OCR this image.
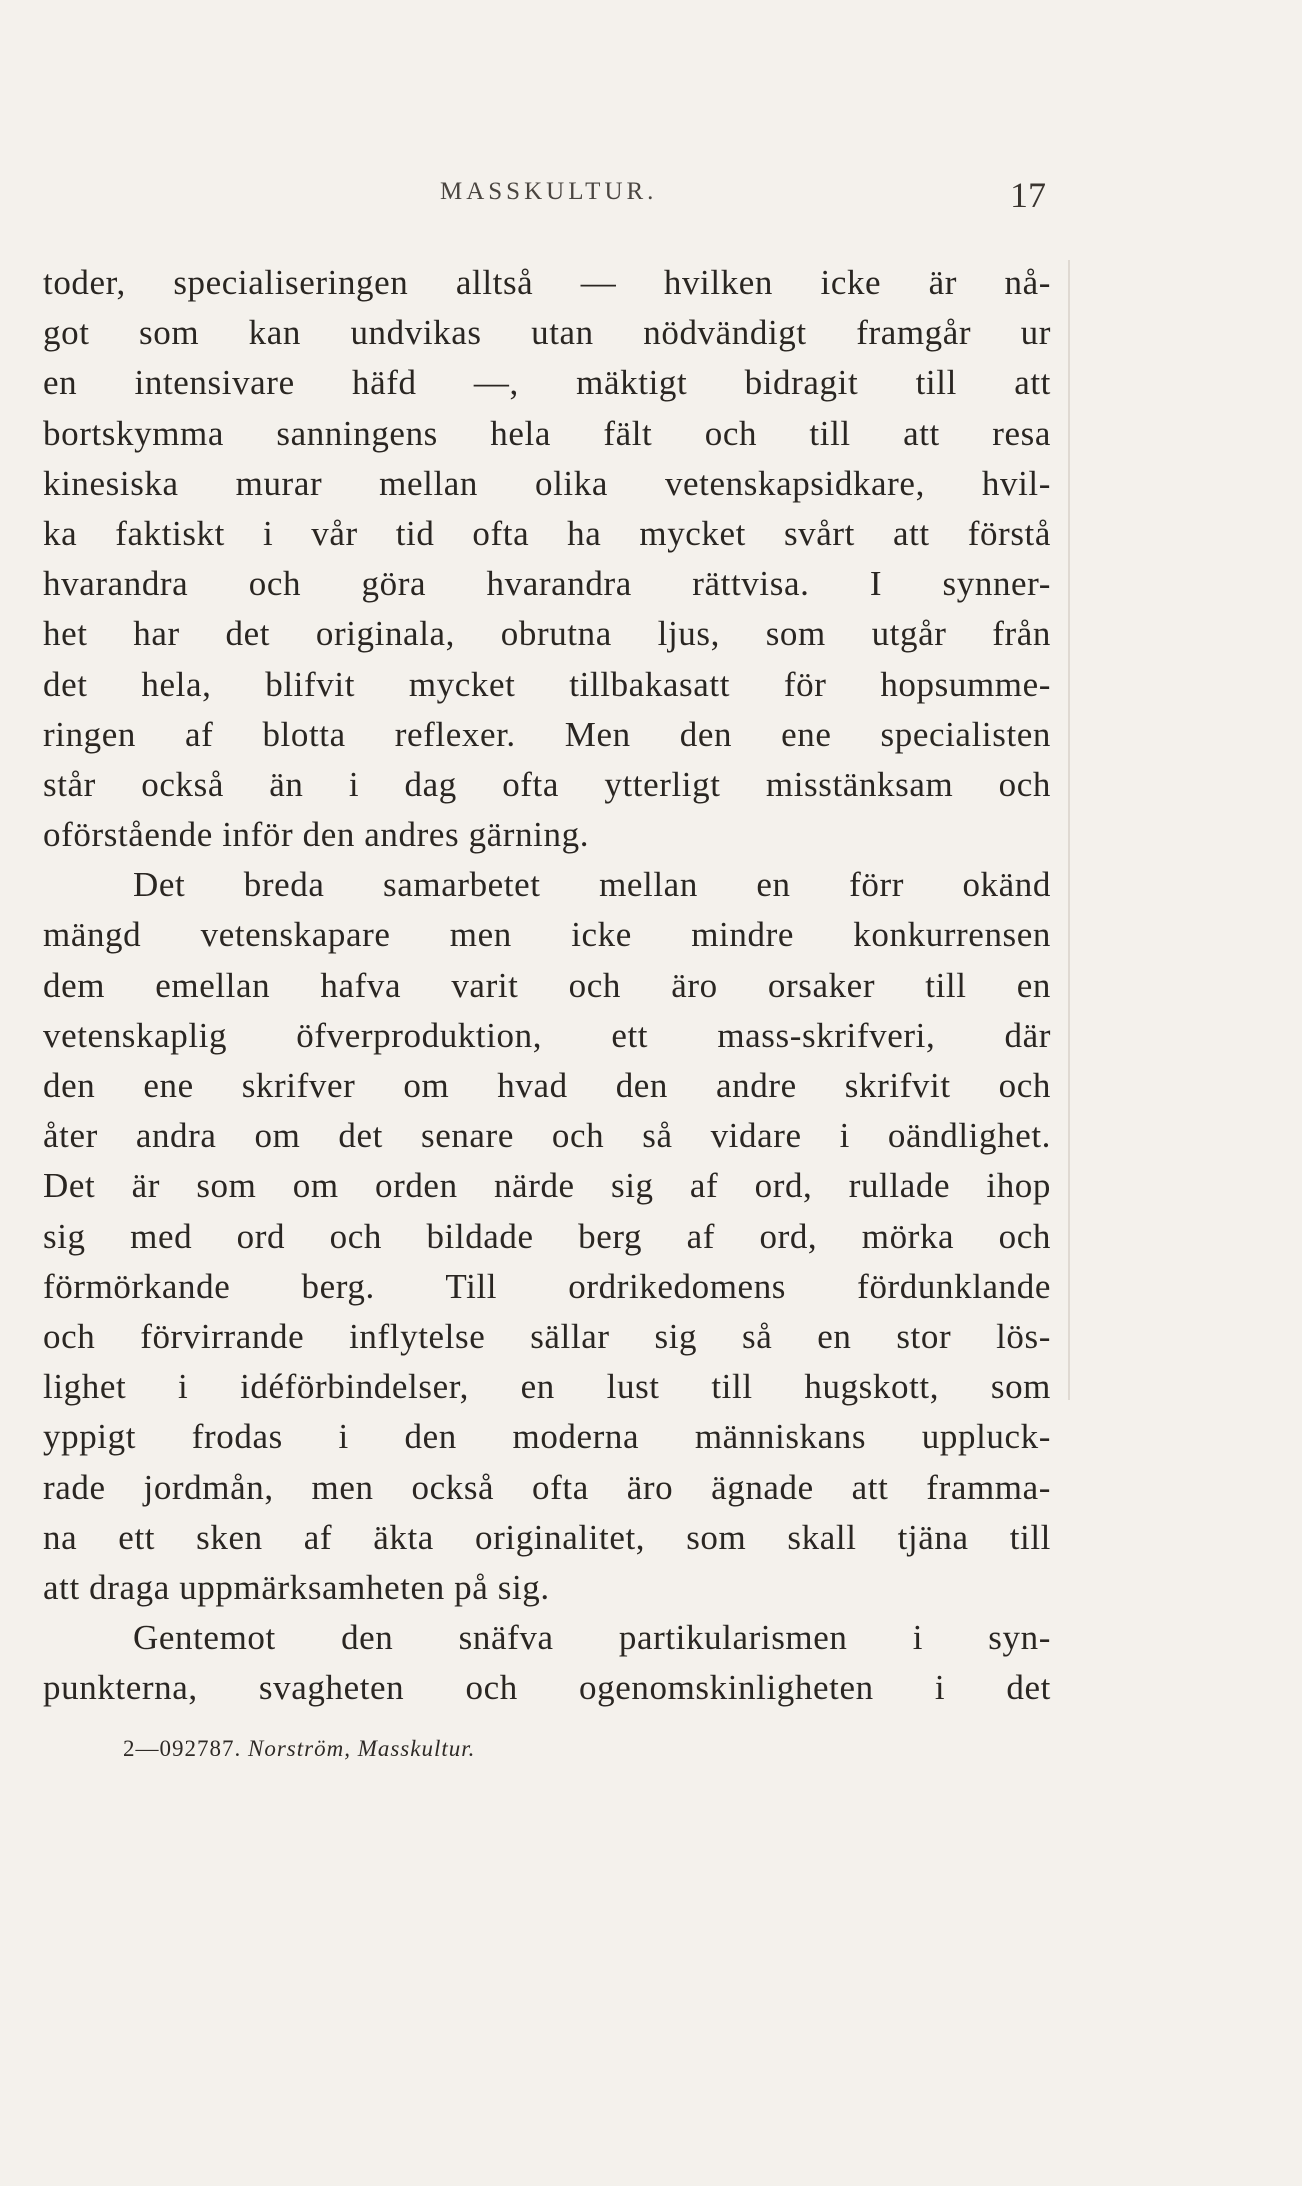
MASSKULTUR.	17
toder, specialiseringen alltså — hvilken icke är nå-
got som kan undvikas utan nödvändigt framgår ur
en intensivare häfd —, mäktigt bidragit till att
bortskymma sanningens hela fält och till att resa
kinesiska murar mellan olika vetenskapsidkare, hvil-
ka faktiskt i vår tid ofta ha mycket svårt att förstå
hvarandra och göra hvarandra rättvisa. I synner-
het har det originala, obrutna ljus, som utgår från
det hela, blifvit mycket tillbakasatt för hopsumme-
ringen af blotta reflexer. Men den ene specialisten
står också än i dag ofta ytterligt misstänksam och
oförstående inför den andres gärning.
Det breda samarbetet mellan en förr okänd
mängd vetenskapare men icke mindre konkurrensen
dem emellan hafva varit och äro orsaker till en
vetenskaplig öfverproduktion, ett mass-skrifveri, där
den ene skrifver om hvad den andre skrifvit och
åter andra om det senare och så vidare i oändlighet.
Det är som om orden närde sig af ord, rullade ihop
sig med ord och bildade berg af ord, mörka och
förmörkande berg. Till ordrikedomens fördunklande
och förvirrande inflytelse sällar sig så en stor lös-
lighet i idéförbindelser, en lust till hugskott, som
yppigt frodas i den moderna människans uppluck-
rade jordmån, men också ofta äro ägnade att framma-
na ett sken af äkta originalitet, som skall tjäna till
att draga uppmärksamheten på sig.
Gentemot den snäfva partikularismen i syn-
punkterna, svagheten och ogenomskinligheten i det
2—092787. Norström, Masskultur.
